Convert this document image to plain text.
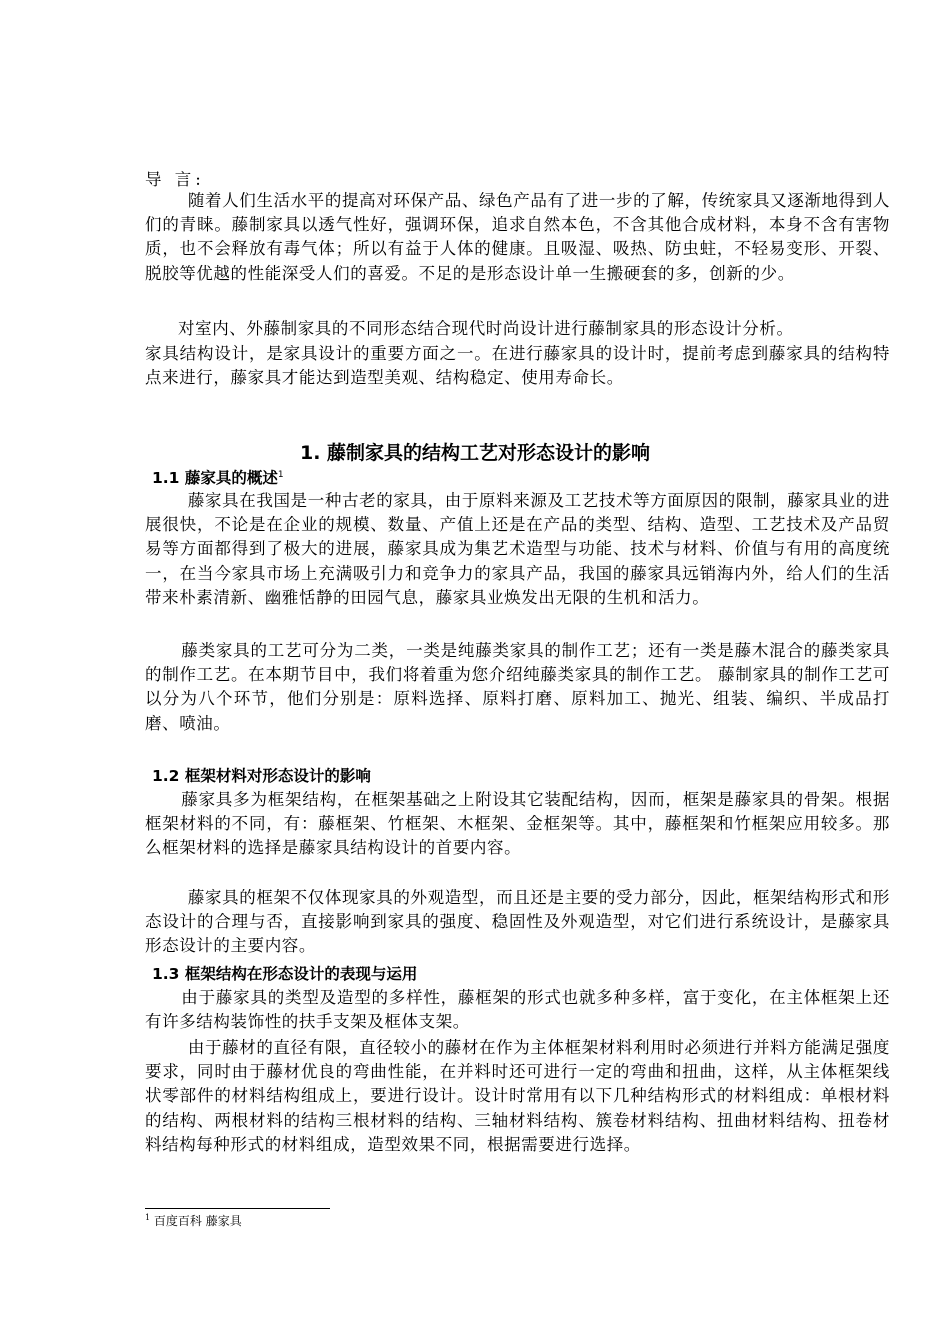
导 言:

随着人们生活水平的提高对环保产品、绿色产品有了进一步的了解，传统家具又逐渐地得到人们的青睐。藤制家具以透气性好，强调环保，追求自然本色，不含其他合成材料，本身不含有害物质，也不会释放有毒气体；所以有益于人体的健康。且吸湿、吸热、防虫蛀，不轻易变形、开裂、脱胶等优越的性能深受人们的喜爱。不足的是形态设计单一生搬硬套的多，创新的少。

对室内、外藤制家具的不同形态结合现代时尚设计进行藤制家具的形态设计分析。

家具结构设计，是家具设计的重要方面之一。在进行藤家具的设计时，提前考虑到藤家具的结构特点来进行，藤家具才能达到造型美观、结构稳定、使用寿命长。

1. 藤制家具的结构工艺对形态设计的影响
1.1 藤家具的概述$^1$

藤家具在我国是一种古老的家具，由于原料来源及工艺技术等方面原因的限制，藤家具业的进展很快，不论是在企业的规模、数量、产值上还是在产品的类型、结构、造型、工艺技术及产品贸易等方面都得到了极大的进展，藤家具成为集艺术造型与功能、技术与材料、价值与有用的高度统一，在当今家具市场上充满吸引力和竞争力的家具产品，我国的藤家具远销海内外，给人们的生活带来朴素清新、幽雅恬静的田园气息，藤家具业焕发出无限的生机和活力。

藤类家具的工艺可分为二类，一类是纯藤类家具的制作工艺；还有一类是藤木混合的藤类家具的制作工艺。在本期节目中，我们将着重为您介绍纯藤类家具的制作工艺。 藤制家具的制作工艺可以分为八个环节，他们分别是：原料选择、原料打磨、原料加工、抛光、组装、编织、半成品打磨、喷油。

1.2 框架材料对形态设计的影响

藤家具多为框架结构，在框架基础之上附设其它装配结构，因而，框架是藤家具的骨架。根据框架材料的不同，有：藤框架、竹框架、木框架、金框架等。其中，藤框架和竹框架应用较多。那么框架材料的选择是藤家具结构设计的首要内容。

藤家具的框架不仅体现家具的外观造型，而且还是主要的受力部分，因此，框架结构形式和形态设计的合理与否，直接影响到家具的强度、稳固性及外观造型，对它们进行系统设计，是藤家具形态设计的主要内容。

1.3 框架结构在形态设计的表现与运用

由于藤家具的类型及造型的多样性，藤框架的形式也就多种多样，富于变化，在主体框架上还有许多结构装饰性的扶手支架及框体支架。

由于藤材的直径有限，直径较小的藤材在作为主体框架材料利用时必须进行并料方能满足强度要求，同时由于藤材优良的弯曲性能，在并料时还可进行一定的弯曲和扭曲，这样，从主体框架线状零部件的材料结构组成上，要进行设计。设计时常用有以下几种结构形式的材料组成：单根材料的结构、两根材料的结构三根材料的结构、三轴材料结构、簇卷材料结构、扭曲材料结构、扭卷材料结构每种形式的材料组成，造型效果不同，根据需要进行选择。

$^1$ 百度百科 藤家具
